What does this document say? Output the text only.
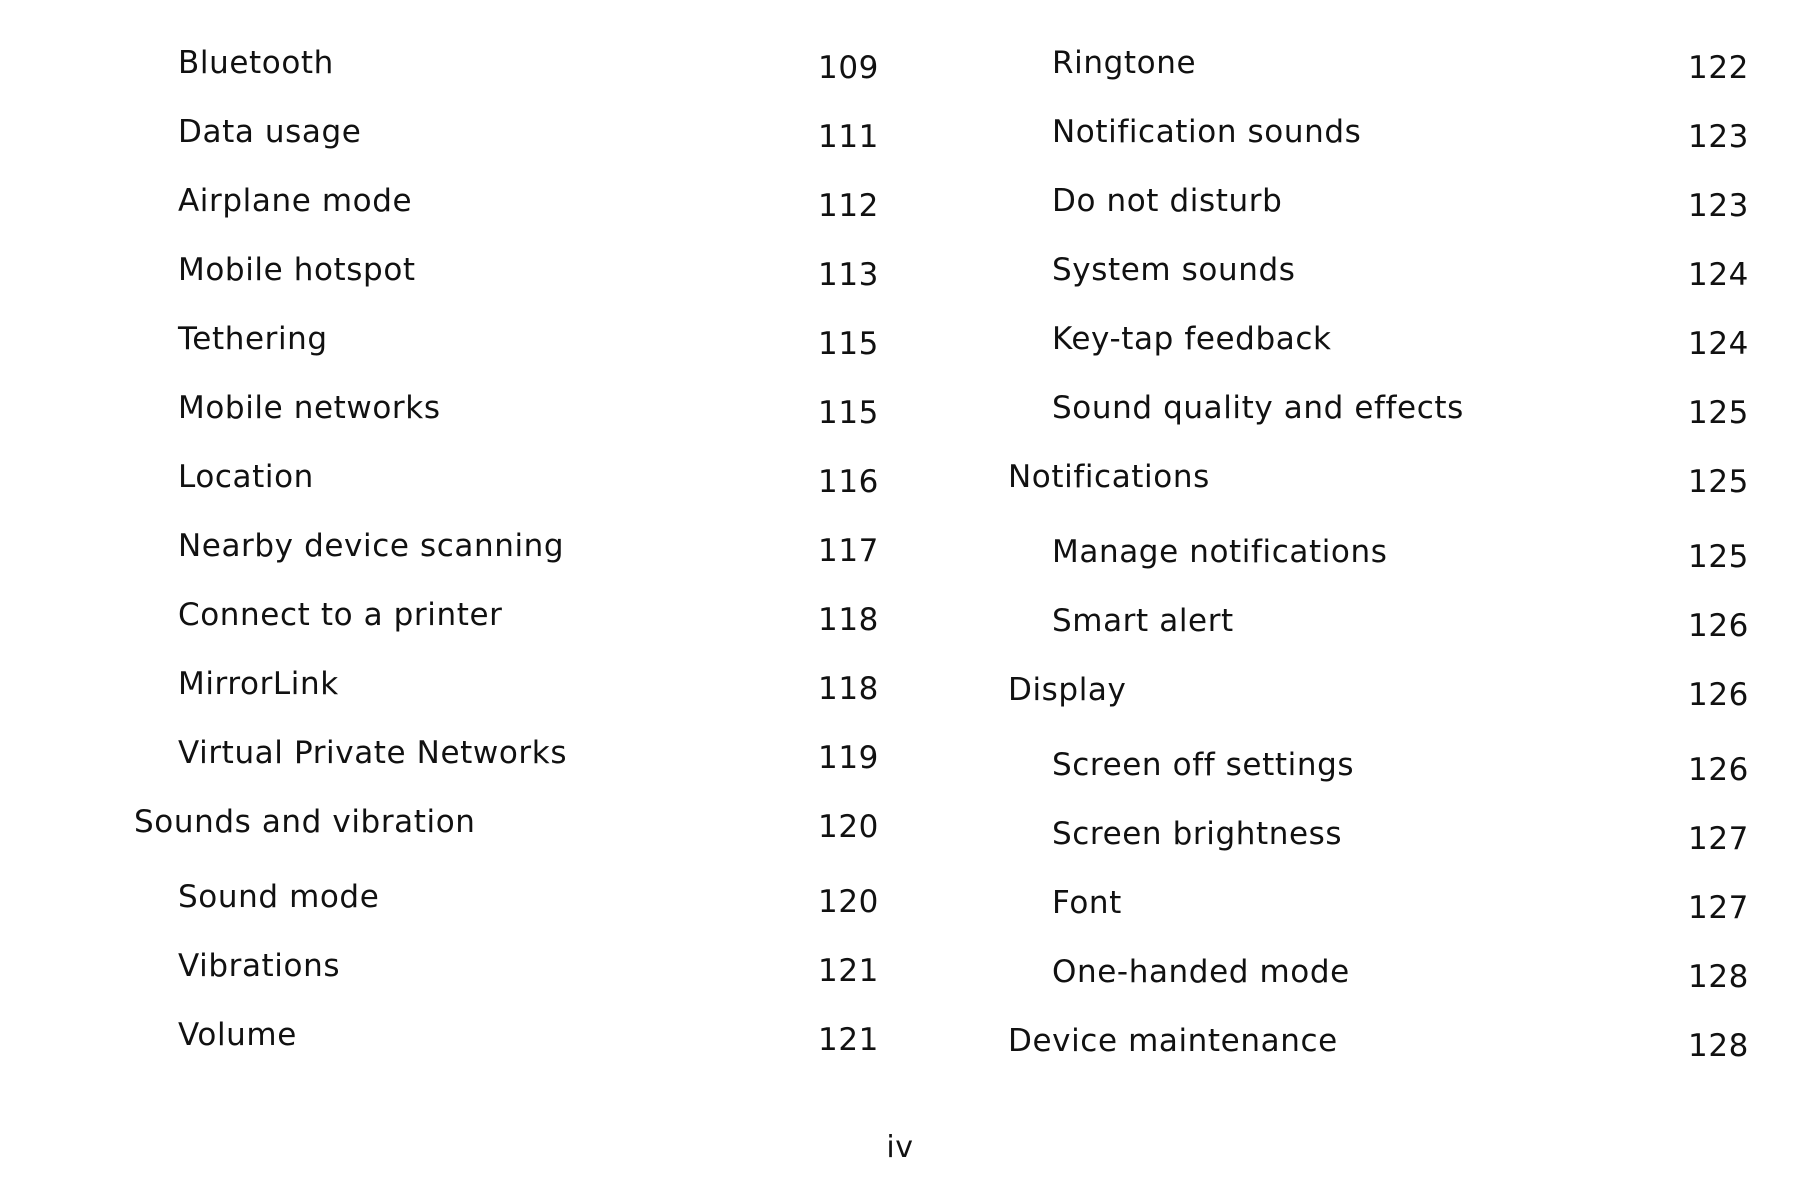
Bluetooth	109
Data usage	111
Airplane mode	112
Mobile hotspot	113
Tethering	115
Mobile networks	115
Location	116
Nearby device scanning	117
Connect to a printer	118
MirrorLink	118
Virtual Private Networks	119
Sounds and vibration	120
Sound mode	120
Vibrations	121
Volume	121
Ringtone	122
Notification sounds	123
Do not disturb	123
System sounds	124
Key-tap feedback	124
Sound quality and effects	125
Notifications	125
Manage notifications	125
Smart alert	126
Display	126
Screen off settings	126
Screen brightness	127
Font	127
One-handed mode	128
Device maintenance	128
iv
